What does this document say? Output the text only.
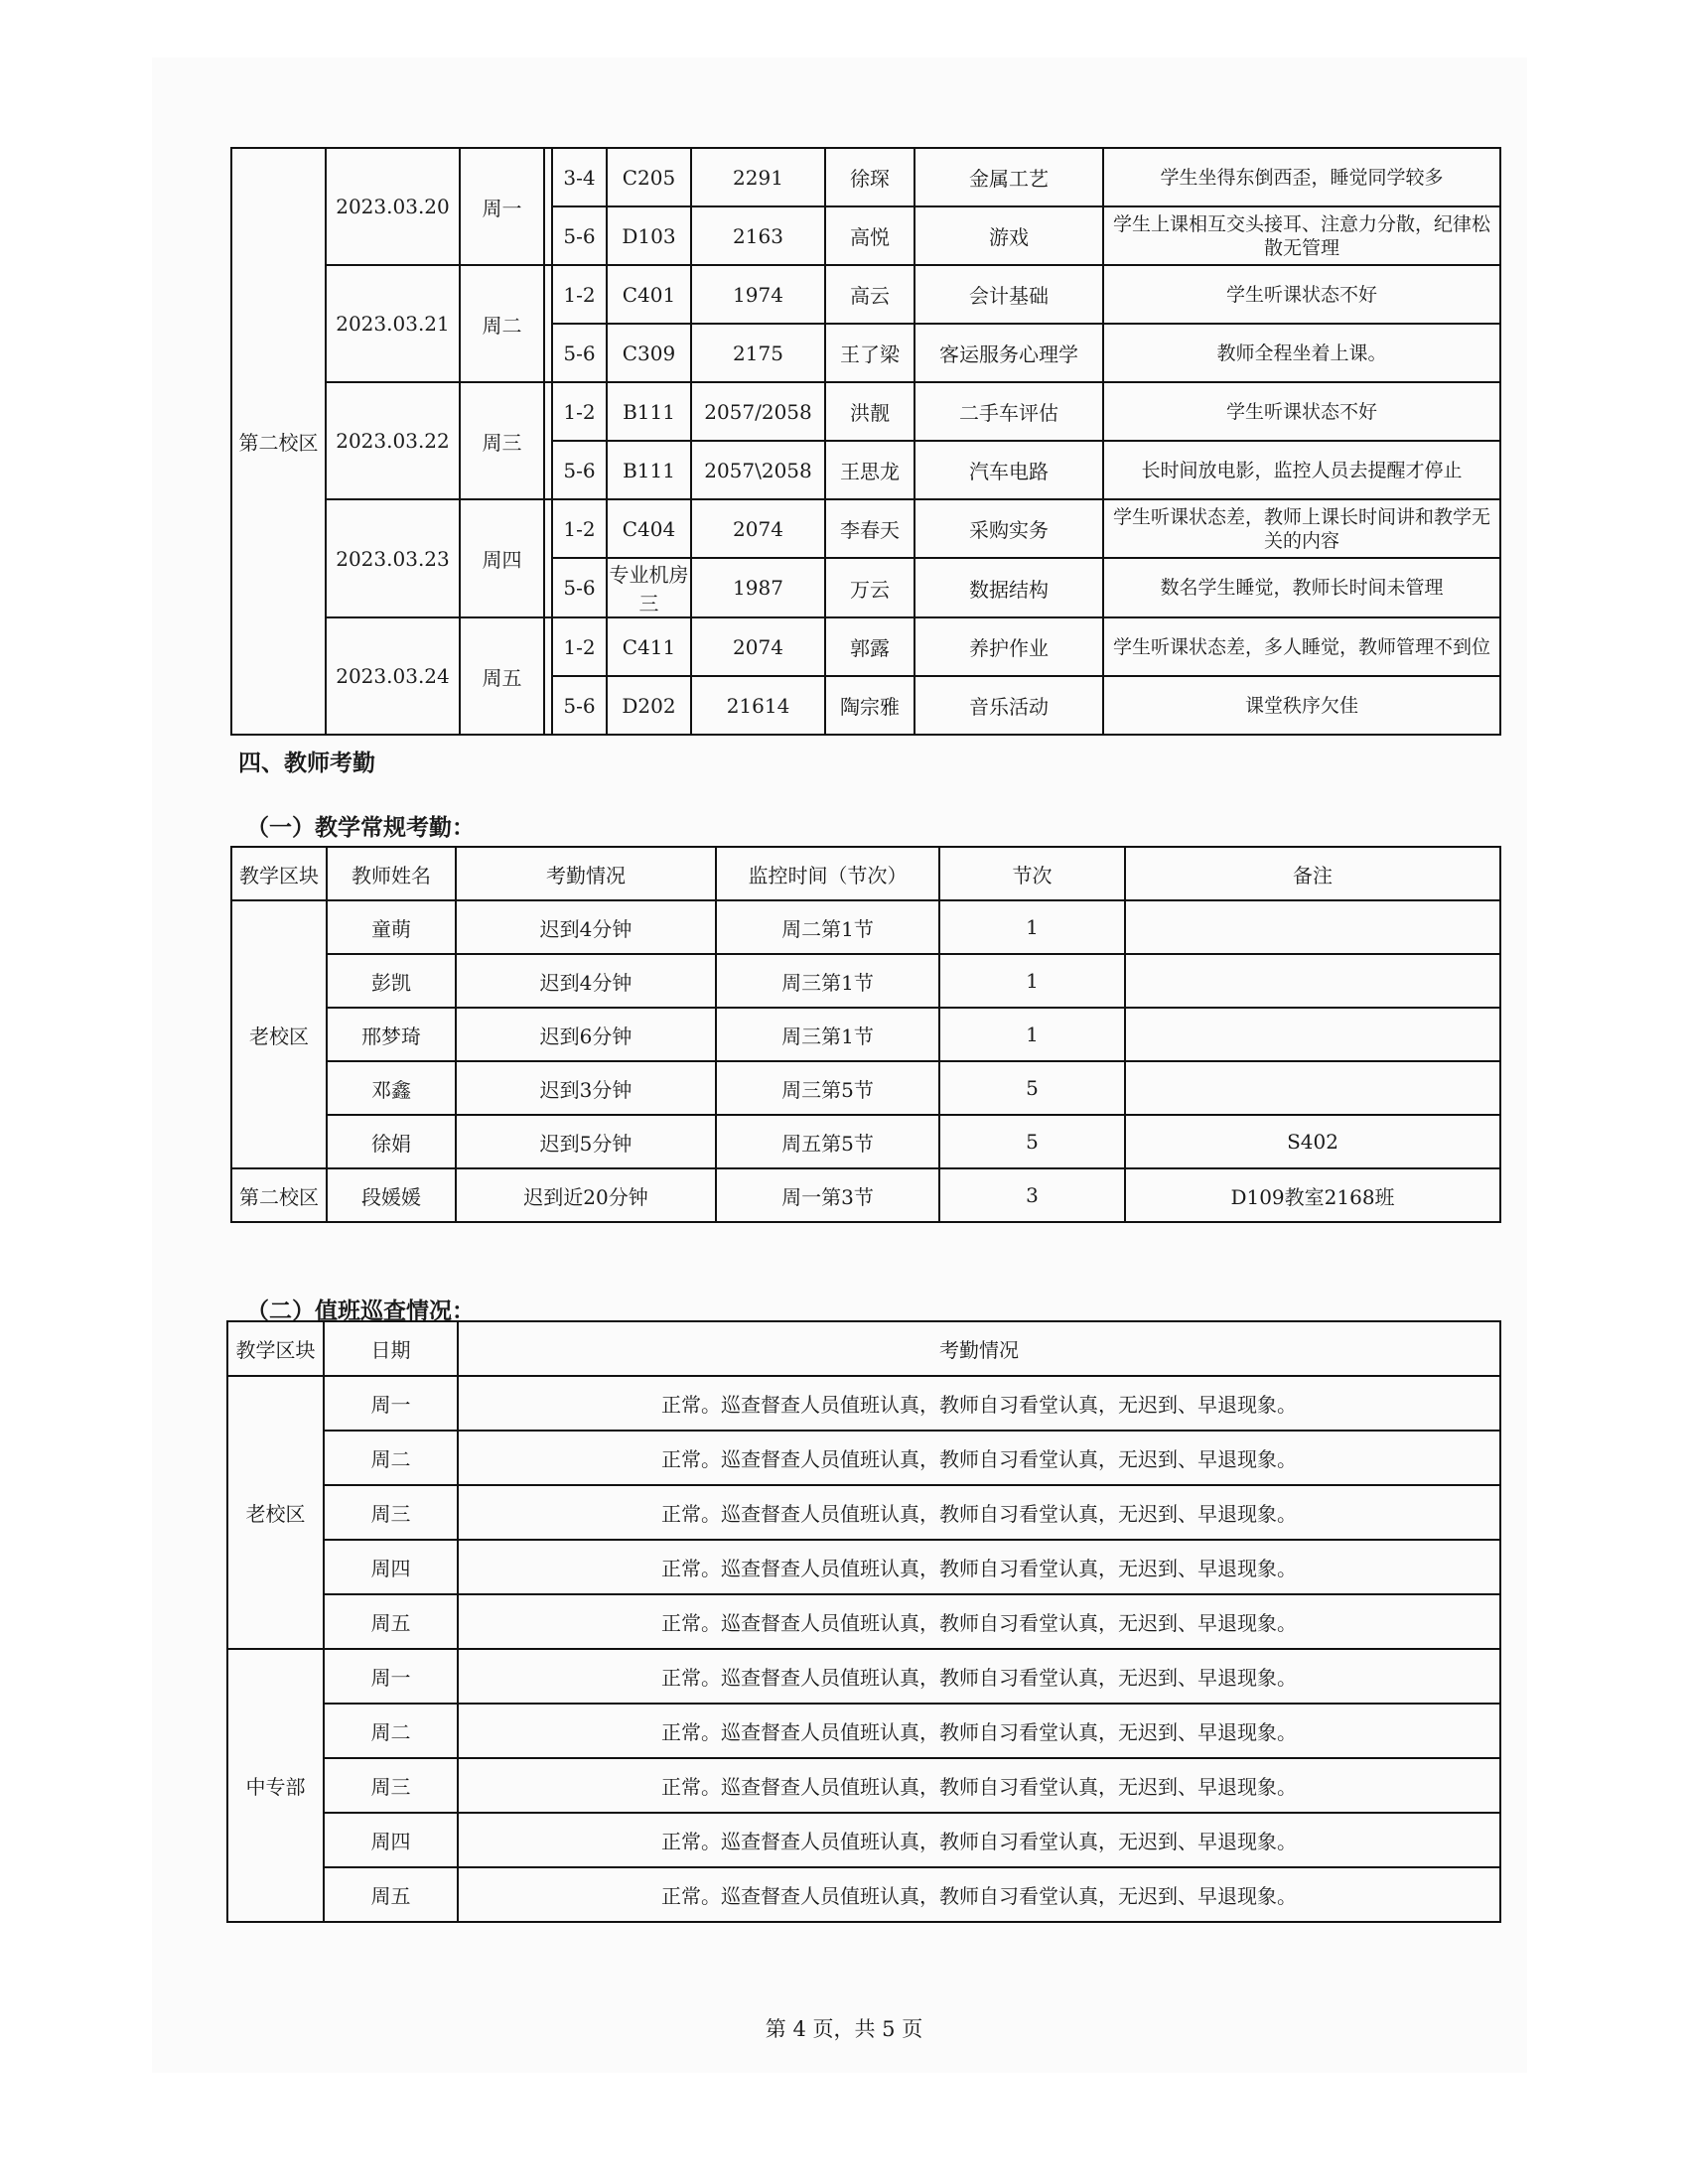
第二校区	2023.03.20	周一		3-4	C205	2291	徐琛	金属工艺	学生坐得东倒西歪，睡觉同学较多
				5-6	D103	2163	高悦	游戏	学生上课相互交头接耳、注意力分散，纪律松散无管理
	2023.03.21	周二		1-2	C401	1974	高云	会计基础	学生听课状态不好
				5-6	C309	2175	王了梁	客运服务心理学	教师全程坐着上课。
	2023.03.22	周三		1-2	B111	2057/2058	洪靓	二手车评估	学生听课状态不好
				5-6	B111	2057\2058	王思龙	汽车电路	长时间放电影，监控人员去提醒才停止
	2023.03.23	周四		1-2	C404	2074	李春天	采购实务	学生听课状态差，教师上课长时间讲和教学无关的内容
				5-6	专业机房三	1987	万云	数据结构	数名学生睡觉，教师长时间未管理
	2023.03.24	周五		1-2	C411	2074	郭露	养护作业	学生听课状态差，多人睡觉，教师管理不到位
				5-6	D202	21614	陶宗雅	音乐活动	课堂秩序欠佳
四、教师考勤
（一）教学常规考勤：
教学区块	教师姓名	考勤情况	监控时间（节次）	节次	备注
老校区	童萌	迟到4分钟	周二第1节	1	
	彭凯	迟到4分钟	周三第1节	1	
	邢梦琦	迟到6分钟	周三第1节	1	
	邓鑫	迟到3分钟	周三第5节	5	
	徐娟	迟到5分钟	周五第5节	5	S402
第二校区	段媛媛	迟到近20分钟	周一第3节	3	D109教室2168班
（二）值班巡查情况：
教学区块	日期	考勤情况
老校区	周一	正常。巡查督查人员值班认真，教师自习看堂认真，无迟到、早退现象。
	周二	正常。巡查督查人员值班认真，教师自习看堂认真，无迟到、早退现象。
	周三	正常。巡查督查人员值班认真，教师自习看堂认真，无迟到、早退现象。
	周四	正常。巡查督查人员值班认真，教师自习看堂认真，无迟到、早退现象。
	周五	正常。巡查督查人员值班认真，教师自习看堂认真，无迟到、早退现象。
中专部	周一	正常。巡查督查人员值班认真，教师自习看堂认真，无迟到、早退现象。
	周二	正常。巡查督查人员值班认真，教师自习看堂认真，无迟到、早退现象。
	周三	正常。巡查督查人员值班认真，教师自习看堂认真，无迟到、早退现象。
	周四	正常。巡查督查人员值班认真，教师自习看堂认真，无迟到、早退现象。
	周五	正常。巡查督查人员值班认真，教师自习看堂认真，无迟到、早退现象。
第 4 页，共 5 页
